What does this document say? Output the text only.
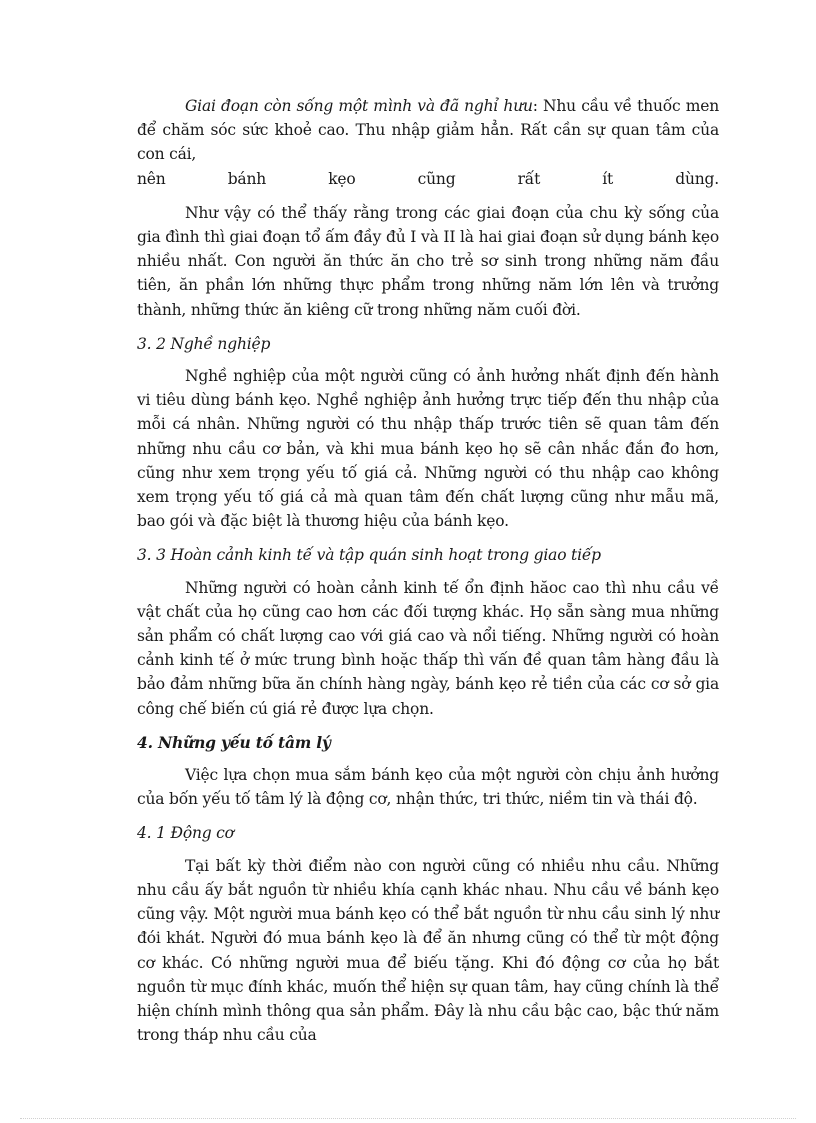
Giai đoạn còn sống một mình và đã nghỉ hưu: Nhu cầu về thuốc men để chăm sóc sức khoẻ cao. Thu nhập giảm hẳn. Rất cần sự quan tâm của con cái,

nên bánh kẹo cũng rất ít dùng.

Như vậy có thể thấy rằng trong các giai đoạn của chu kỳ sống của gia đình thì giai đoạn tổ ấm đầy đủ I và II là hai giai đoạn sử dụng bánh kẹo nhiều nhất. Con người ăn thức ăn cho trẻ sơ sinh trong những năm đầu tiên, ăn phần lớn những thực phẩm trong những năm lớn lên và trưởng thành, những thức ăn kiêng cữ trong những năm cuối đời.

3. 2 Nghề nghiệp

Nghề nghiệp của một người cũng có ảnh hưởng nhất định đến hành vi tiêu dùng bánh kẹo. Nghề nghiệp ảnh hưởng trực tiếp đến thu nhập của mỗi cá nhân. Những người có thu nhập thấp trước tiên sẽ quan tâm đến những nhu cầu cơ bản, và khi mua bánh kẹo họ sẽ cân nhắc đắn đo hơn, cũng như xem trọng yếu tố giá cả. Những người có thu nhập cao không xem trọng yếu tố giá cả mà quan tâm đến chất lượng cũng như mẫu mã, bao gói và đặc biệt là thương hiệu của bánh kẹo.

3. 3 Hoàn cảnh kinh tế và tập quán sinh hoạt trong giao tiếp

Những người có hoàn cảnh kinh tế ổn định hăoc cao thì nhu cầu về vật chất của họ cũng cao hơn các đối tượng khác. Họ sẵn sàng mua những sản phẩm có chất lượng cao với giá cao và nổi tiếng. Những người có hoàn cảnh kinh tế ở mức trung bình hoặc thấp thì vấn đề quan tâm hàng đầu là bảo đảm những bữa ăn chính hàng ngày, bánh kẹo rẻ tiền của các cơ sở gia công chế biến cú giá rẻ được lựa chọn.

4. Những yếu tố tâm lý

Việc lựa chọn mua sắm bánh kẹo của một người còn chịu ảnh hưởng của bốn yếu tố tâm lý là động cơ, nhận thức, tri thức, niềm tin và thái độ.

4. 1 Động cơ

Tại bất kỳ thời điểm nào con người cũng có nhiều nhu cầu. Những nhu cầu ấy bắt nguồn từ nhiều khía cạnh khác nhau. Nhu cầu về bánh kẹo cũng vậy. Một người mua bánh kẹo có thể bắt nguồn từ nhu cầu sinh lý như đói khát. Người đó mua bánh kẹo là để ăn nhưng cũng có thể từ một động cơ khác. Có những người mua để biếu tặng. Khi đó động cơ của họ bắt nguồn từ mục đính khác, muốn thể hiện sự quan tâm, hay cũng chính là thể hiện chính mình thông qua sản phẩm. Đây là nhu cầu bậc cao, bậc thứ năm trong tháp nhu cầu của
